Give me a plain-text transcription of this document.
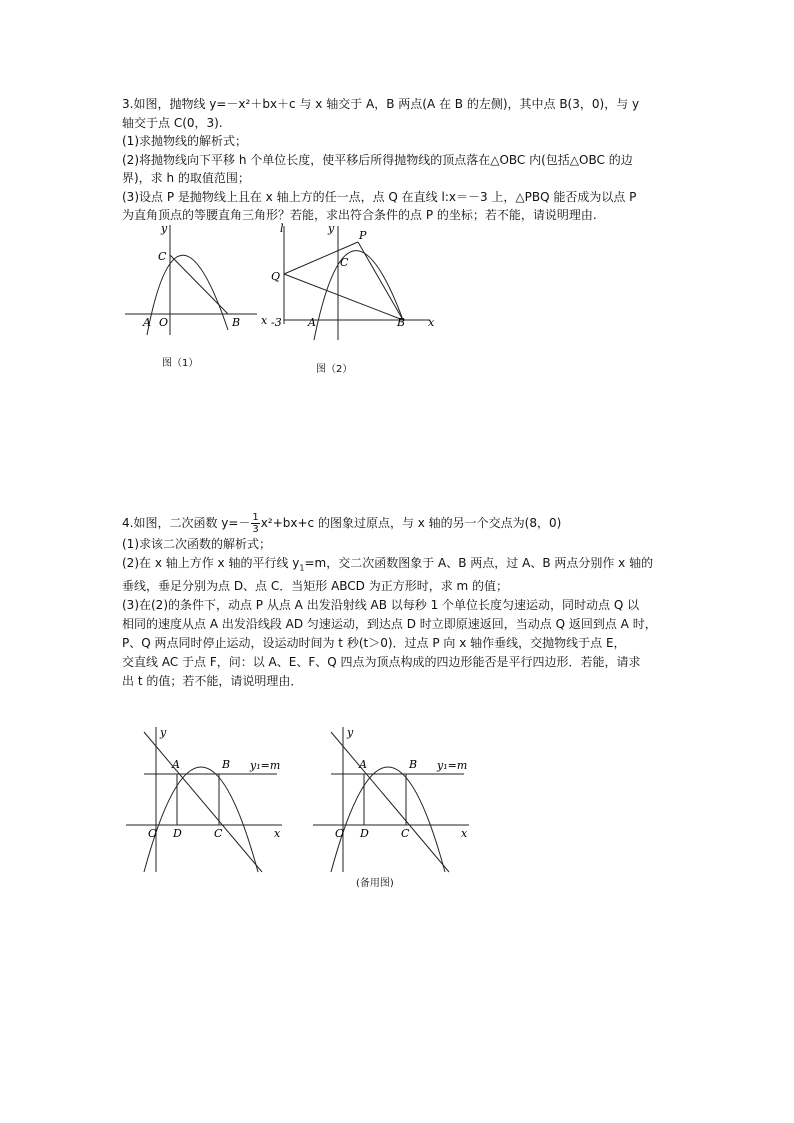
3.如图，抛物线 y=－x²＋bx＋c 与 x 轴交于 A，B 两点(A 在 B 的左侧)，其中点 B(3，0)，与 y

轴交于点 C(0，3).

(1)求抛物线的解析式；

(2)将抛物线向下平移 h 个单位长度，使平移后所得抛物线的顶点落在△OBC 内(包括△OBC 的边

界)，求 h 的取值范围；

(3)设点 P 是抛物线上且在 x 轴上方的任一点，点 Q 在直线 l:x＝－3 上，△PBQ 能否成为以点 P

为直角顶点的等腰直角三角形？若能，求出符合条件的点 P 的坐标；若不能，请说明理由.

y
x
C
A O	B
图（1）
l	y
P
C
Q
-3 A	B x
图（2）

4.如图，二次函数 $y=- \frac{1}{3} x^2+bx+c$ 的图象过原点，与 x 轴的另一个交点为(8，0)

(1)求该二次函数的解析式；

(2)在 x 轴上方作 x 轴的平行线 $y_1=m$，交二次函数图象于 A、B 两点，过 A、B 两点分别作 x 轴的

垂线，垂足分别为点 D、点 C．当矩形 ABCD 为正方形时，求 m 的值；

(3)在(2)的条件下，动点 P 从点 A 出发沿射线 AB 以每秒 1 个单位长度匀速运动，同时动点 Q 以

相同的速度从点 A 出发沿线段 AD 匀速运动，到达点 D 时立即原速返回，当动点 Q 返回到点 A 时，

P、Q 两点同时停止运动，设运动时间为 t 秒(t＞0)．过点 P 向 x 轴作垂线，交抛物线于点 E，

交直线 AC 于点 F，问：以 A、E、F、Q 四点为顶点构成的四边形能否是平行四边形．若能，请求

出 t 的值；若不能，请说明理由．

y
A	B y₁=m
O D	C	x
y
A	B y₁=m
O D	C	x
(备用图)
